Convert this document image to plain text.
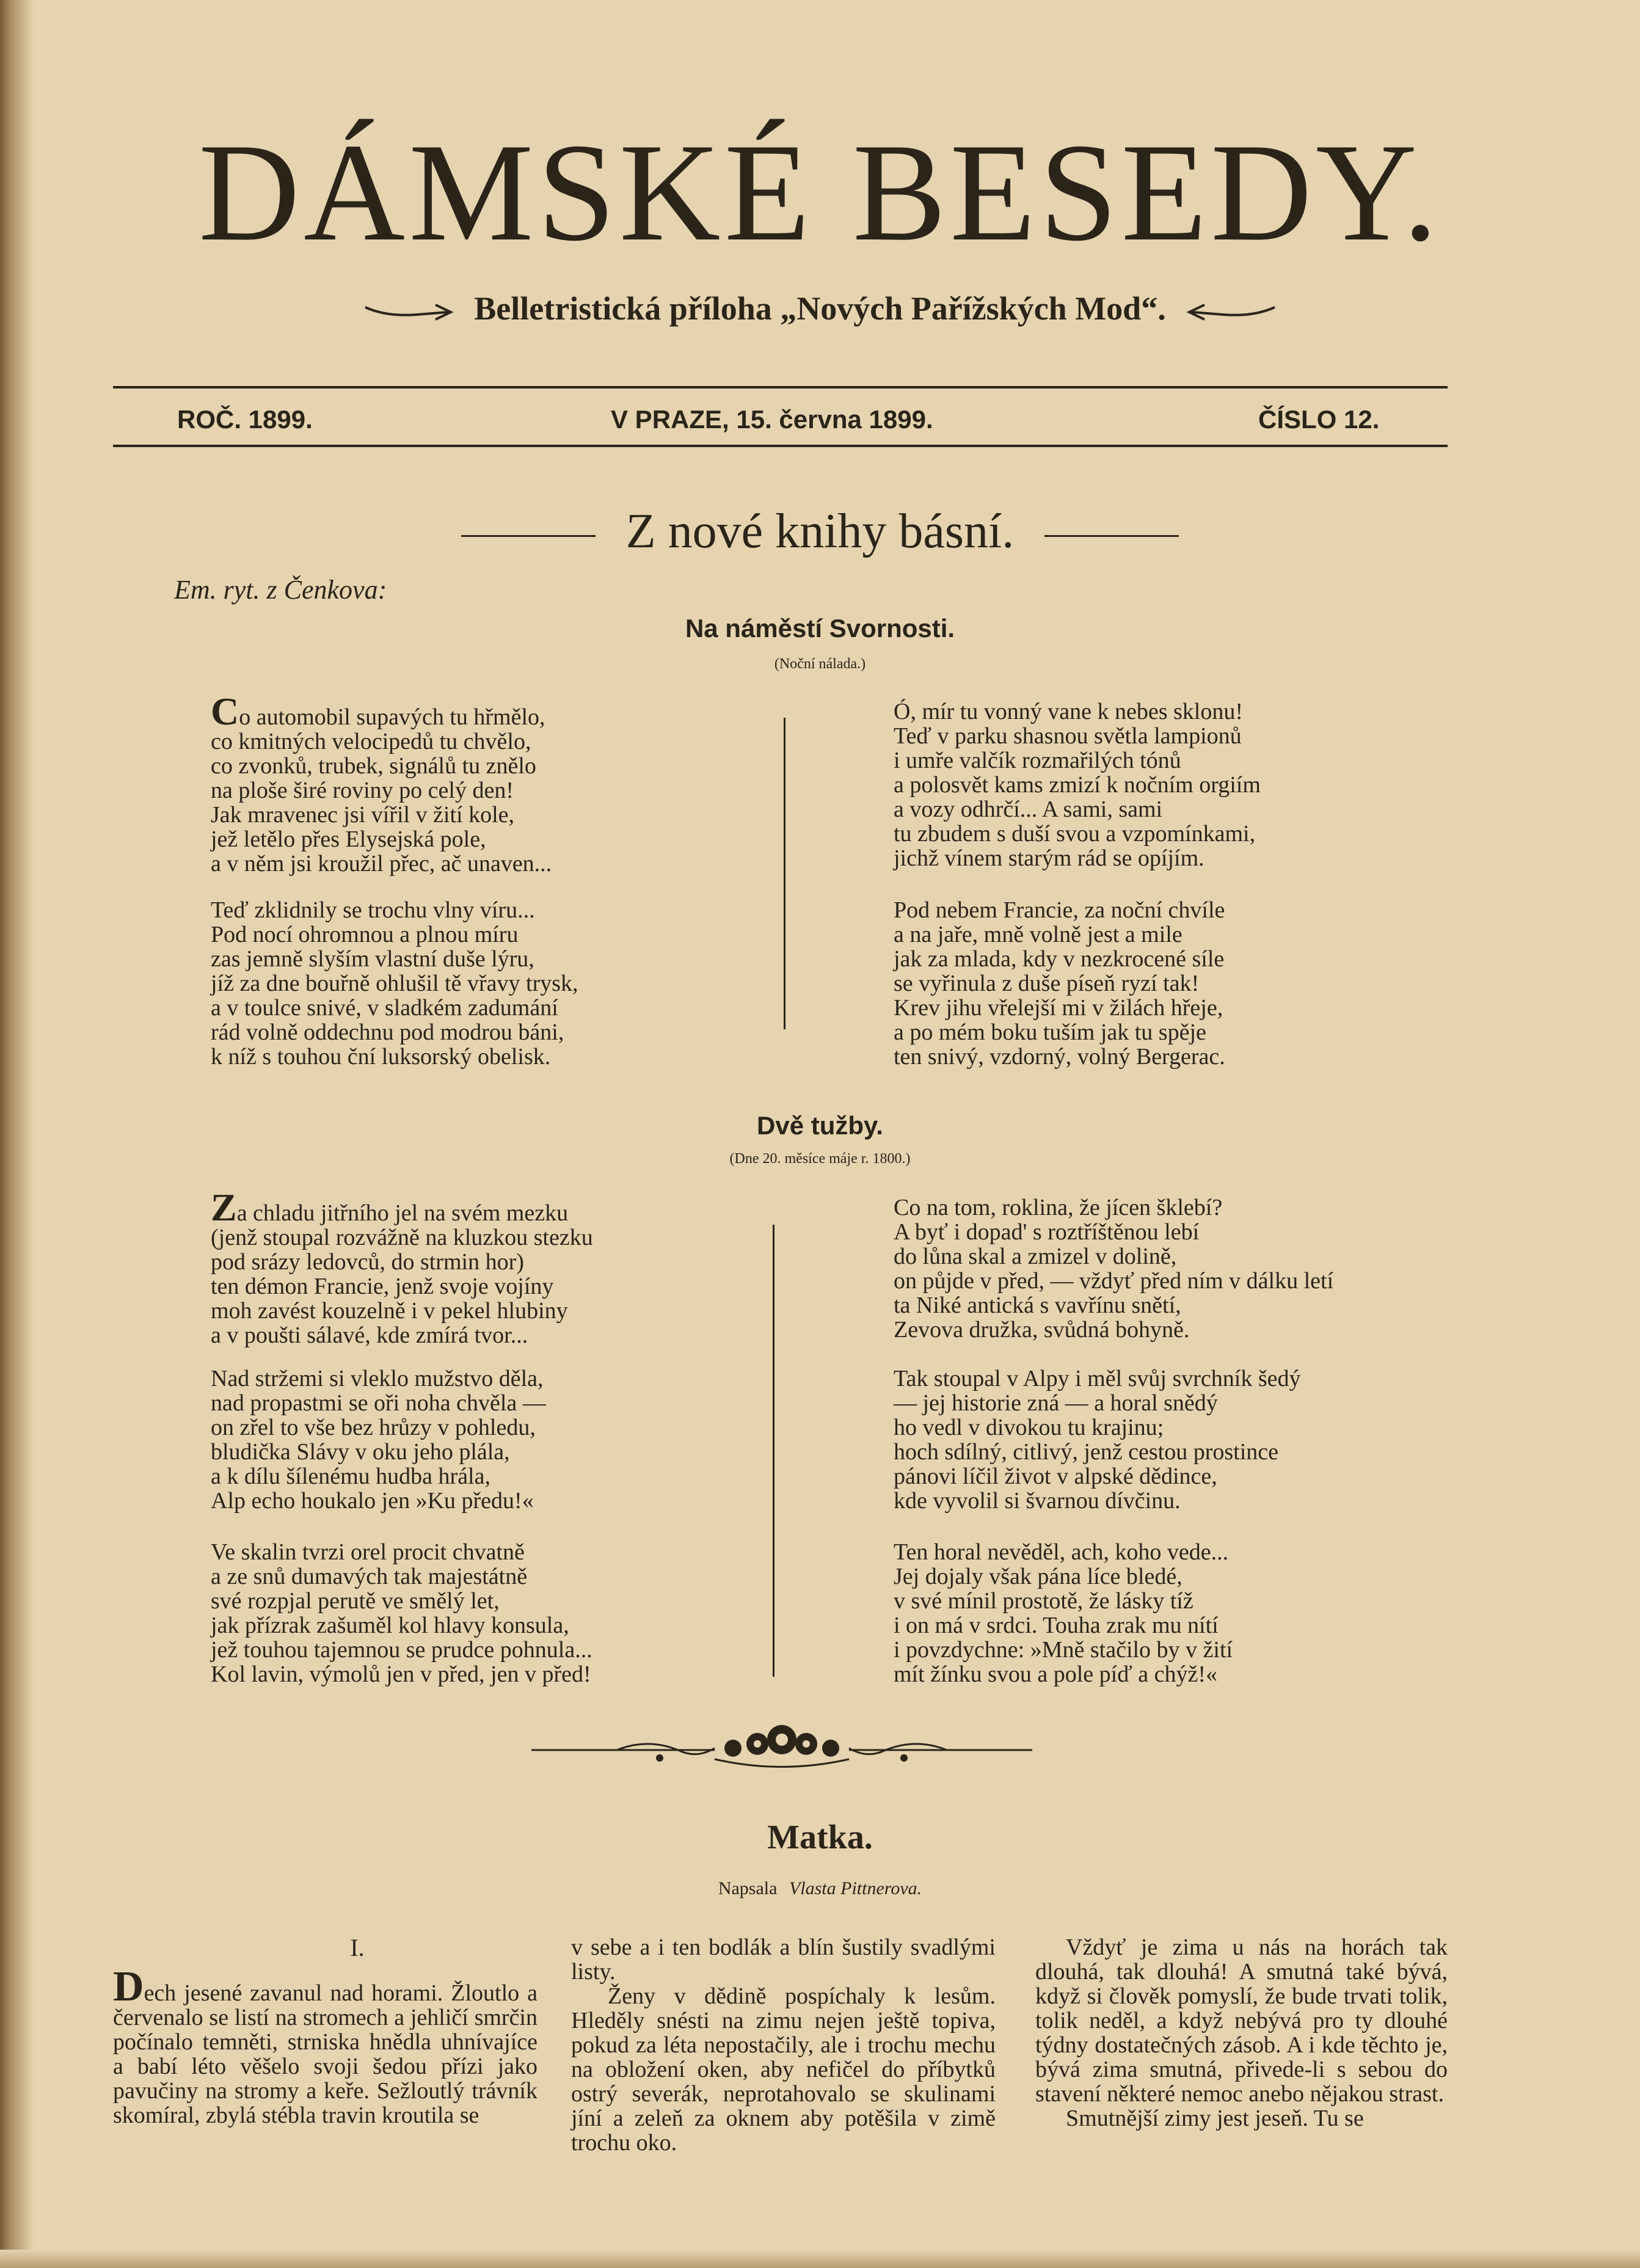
DÁMSKÉ BESEDY.
Belletristická příloha „Nových Pařížských Mod“.
ROČ. 1899.	V PRAZE, 15. června 1899.	ČÍSLO 12.
Z nové knihy básní.
Em. ryt. z Čenkova:
Na náměstí Svornosti.
(Noční nálada.)
Co automobil supavých tu hřmělo,
co kmitných velocipedů tu chvělo,
co zvonků, trubek, signálů tu znělo
na ploše širé roviny po celý den!
Jak mravenec jsi vířil v žití kole,
jež letělo přes Elysejská pole,
a v něm jsi kroužil přec, ač unaven...
Teď zklidnily se trochu vlny víru...
Pod nocí ohromnou a plnou míru
zas jemně slyším vlastní duše lýru,
jíž za dne bouřně ohlušil tě vřavy trysk,
a v toulce snivé, v sladkém zadumání
rád volně oddechnu pod modrou báni,
k níž s touhou ční luksorský obelisk.
Ó, mír tu vonný vane k nebes sklonu!
Teď v parku shasnou světla lampionů
i umře valčík rozmařilých tónů
a polosvět kams zmizí k nočním orgiím
a vozy odhrčí... A sami, sami
tu zbudem s duší svou a vzpomínkami,
jichž vínem starým rád se opíjím.
Pod nebem Francie, za noční chvíle
a na jaře, mně volně jest a mile
jak za mlada, kdy v nezkrocené síle
se vyřinula z duše píseň ryzí tak!
Krev jihu vřelejší mi v žilách hřeje,
a po mém boku tuším jak tu spěje
ten snivý, vzdorný, volný Bergerac.
Dvě tužby.
(Dne 20. měsíce máje r. 1800.)
Za chladu jitřního jel na svém mezku
(jenž stoupal rozvážně na kluzkou stezku
pod srázy ledovců, do strmin hor)
ten démon Francie, jenž svoje vojíny
moh zavést kouzelně i v pekel hlubiny
a v poušti sálavé, kde zmírá tvor...
Nad stržemi si vleklo mužstvo děla,
nad propastmi se oři noha chvěla —
on zřel to vše bez hrůzy v pohledu,
bludička Slávy v oku jeho plála,
a k dílu šílenému hudba hrála,
Alp echo houkalo jen »Ku předu!«
Ve skalin tvrzi orel procit chvatně
a ze snů dumavých tak majestátně
své rozpjal perutě ve smělý let,
jak přízrak zašuměl kol hlavy konsula,
jež touhou tajemnou se prudce pohnula...
Kol lavin, výmolů jen v před, jen v před!
Co na tom, roklina, že jícen šklebí?
A byť i dopad' s roztříštěnou lebí
do lůna skal a zmizel v dolině,
on půjde v před, — vždyť před ním v dálku letí
ta Niké antická s vavřínu snětí,
Zevova družka, svůdná bohyně.
Tak stoupal v Alpy i měl svůj svrchník šedý
— jej historie zná — a horal snědý
ho vedl v divokou tu krajinu;
hoch sdílný, citlivý, jenž cestou prostince
pánovi líčil život v alpské dědince,
kde vyvolil si švarnou dívčinu.
Ten horal nevěděl, ach, koho vede...
Jej dojaly však pána líce bledé,
v své mínil prostotě, že lásky tíž
i on má v srdci. Touha zrak mu nítí
i povzdychne: »Mně stačilo by v žití
mít žínku svou a pole píď a chýž!«
Matka.
Napsala Vlasta Pittnerova.
I.
Dech jesené zavanul nad horami. Žloutlo a červenalo se listí na stromech a jehličí smrčin počínalo temněti, strniska hnědla uhnívajíce a babí léto věšelo svoji šedou přízi jako pavučiny na stromy a keře. Sežloutlý trávník skomíral, zbylá stébla travin kroutila se
v sebe a i ten bodlák a blín šustily svadlými listy.
Ženy v dědině pospíchaly k lesům. Hleděly snésti na zimu nejen ještě topiva, pokud za léta nepostačily, ale i trochu mechu na obložení oken, aby nefičel do příbytků ostrý severák, neprotahovalo se skulinami jíní a zeleň za oknem aby potěšila v zimě trochu oko.
Vždyť je zima u nás na horách tak dlouhá, tak dlouhá! A smutná také bývá, když si člověk pomyslí, že bude trvati tolik, tolik neděl, a když nebývá pro ty dlouhé týdny dostatečných zásob. A i kde těchto je, bývá zima smutná, přivede-li s sebou do stavení některé nemoc anebo nějakou strast.
Smutnější zimy jest jeseň. Tu se
